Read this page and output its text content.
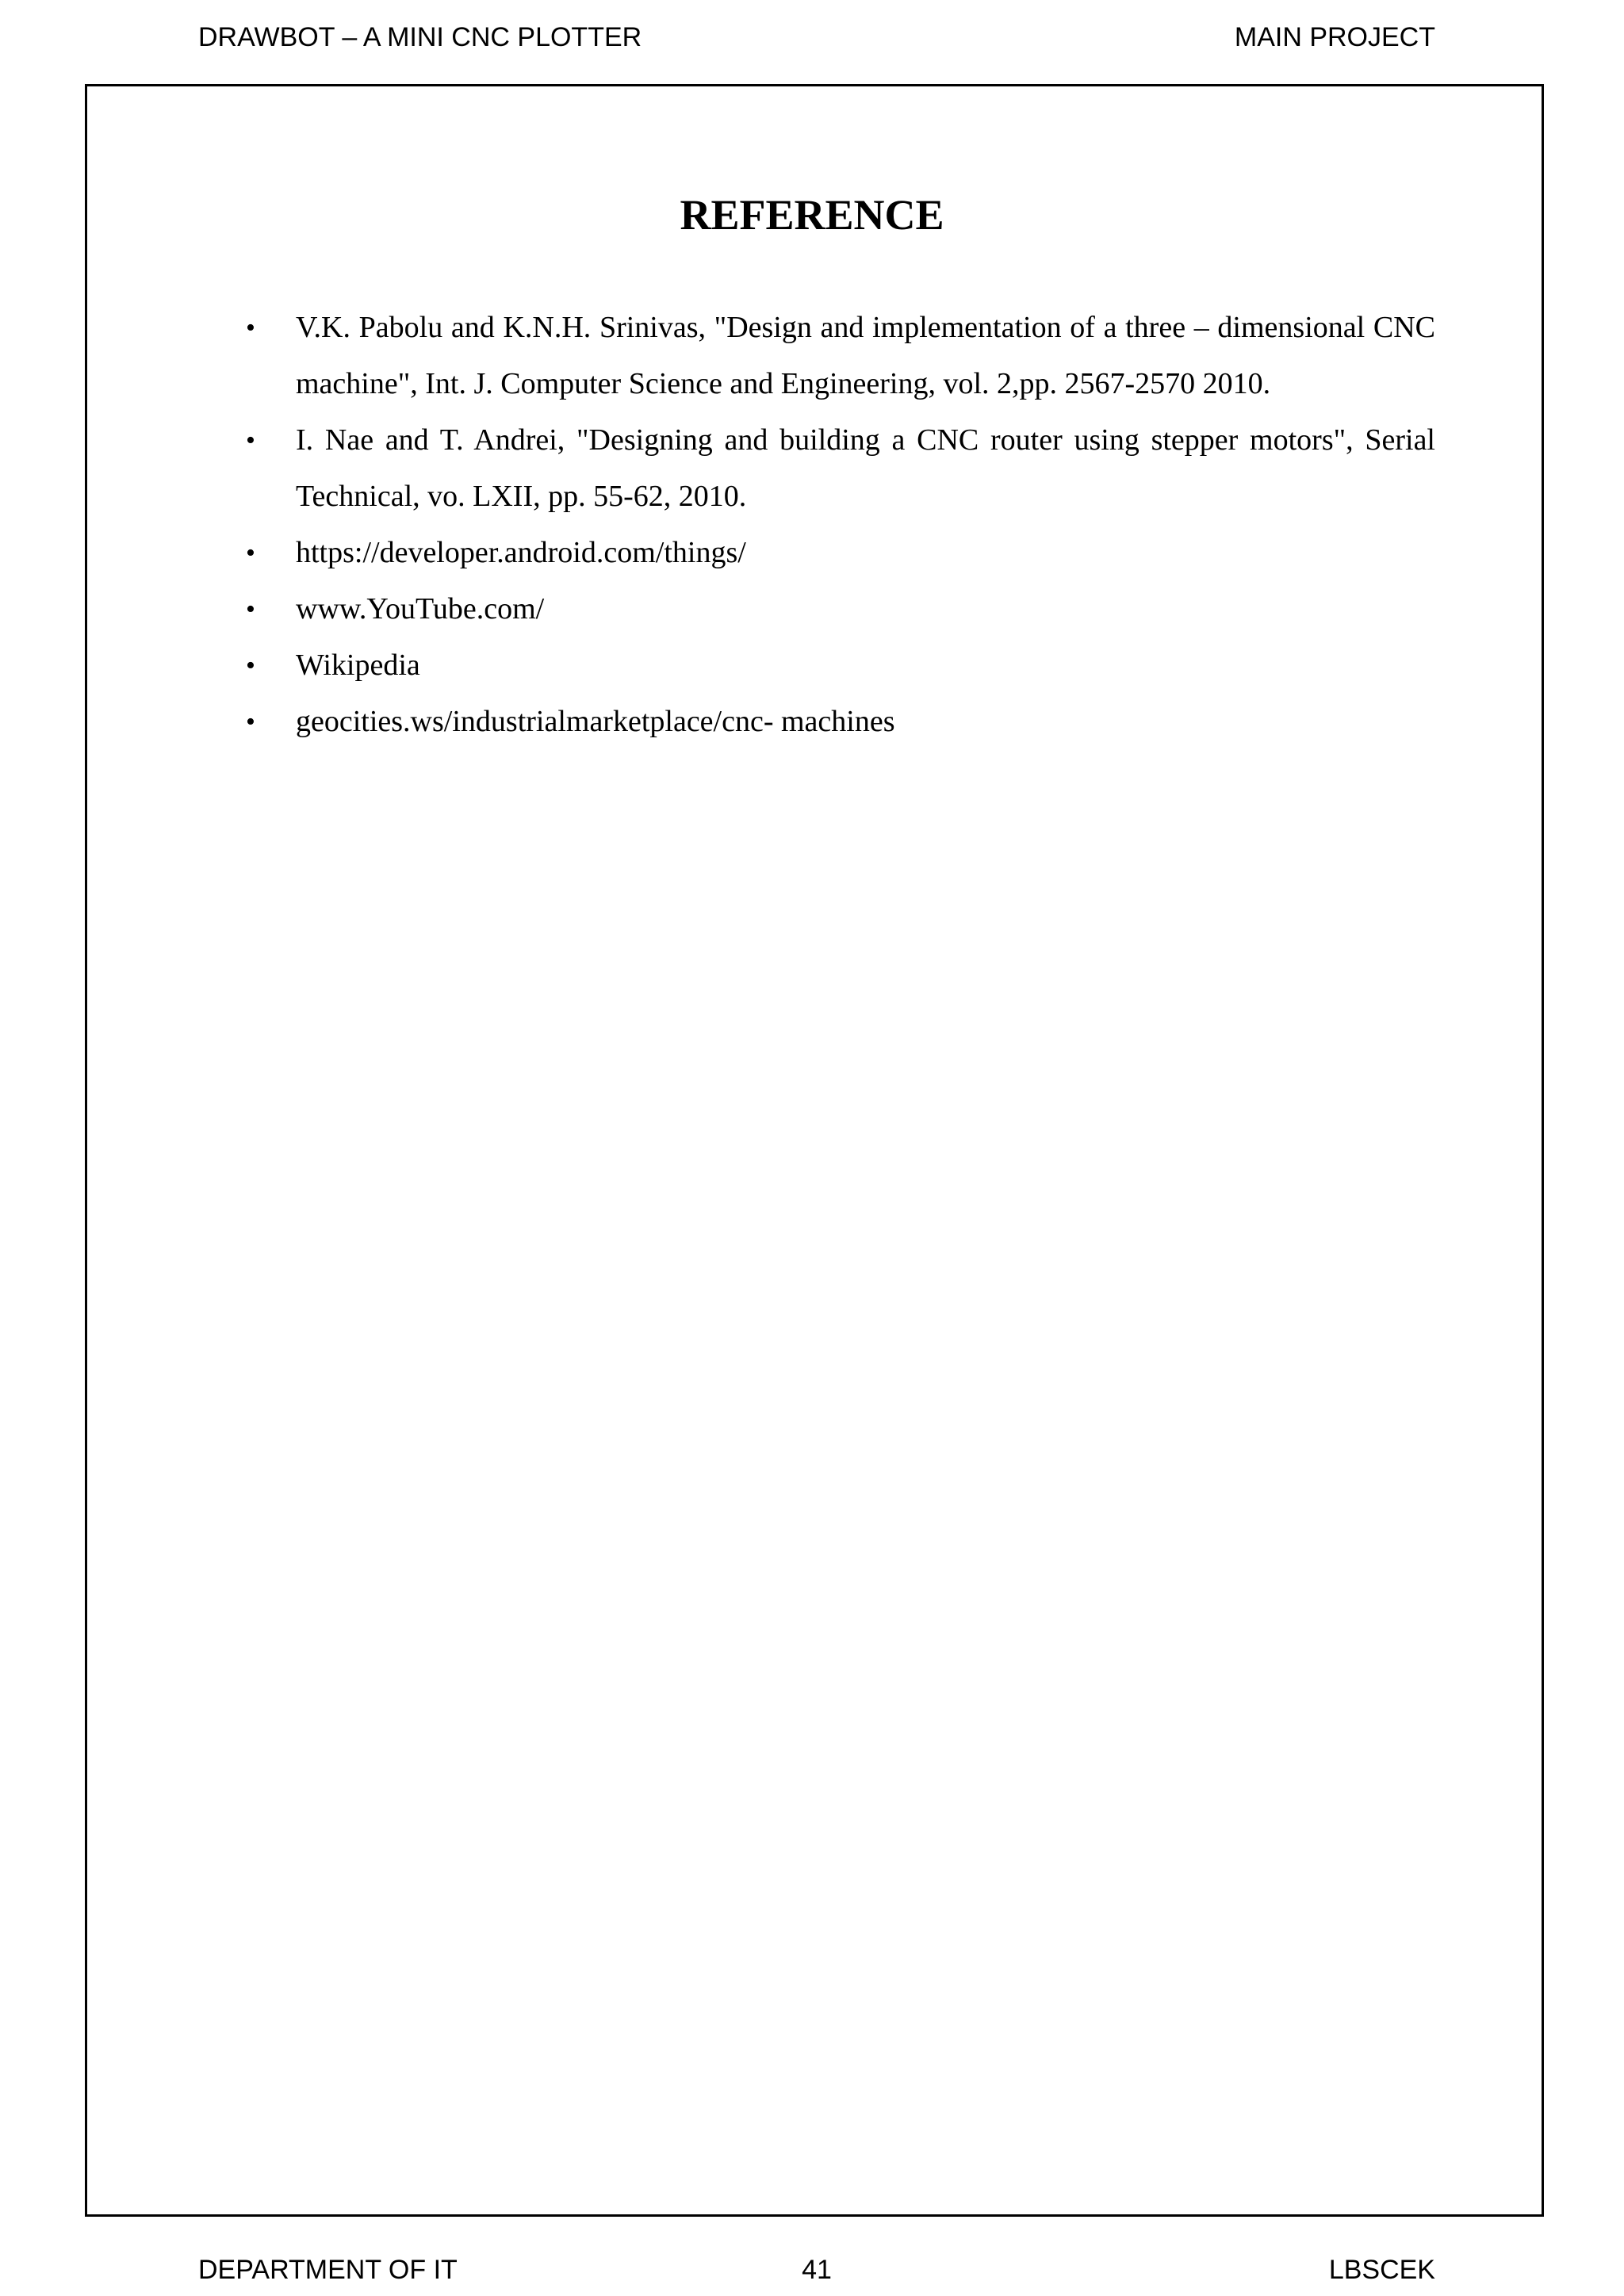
DRAWBOT – A MINI CNC PLOTTER	MAIN PROJECT
REFERENCE
•	V.K. Pabolu and K.N.H. Srinivas, "Design and implementation of a three – dimensional CNC machine", Int. J. Computer Science and Engineering, vol. 2,pp. 2567-2570 2010.
•	I. Nae and T. Andrei, "Designing and building a CNC router using stepper motors", Serial Technical, vo. LXII, pp. 55-62, 2010.
•	https://developer.android.com/things/
•	www.YouTube.com/
•	Wikipedia
•	geocities.ws/industrialmarketplace/cnc- machines
DEPARTMENT OF IT	41	LBSCEK
